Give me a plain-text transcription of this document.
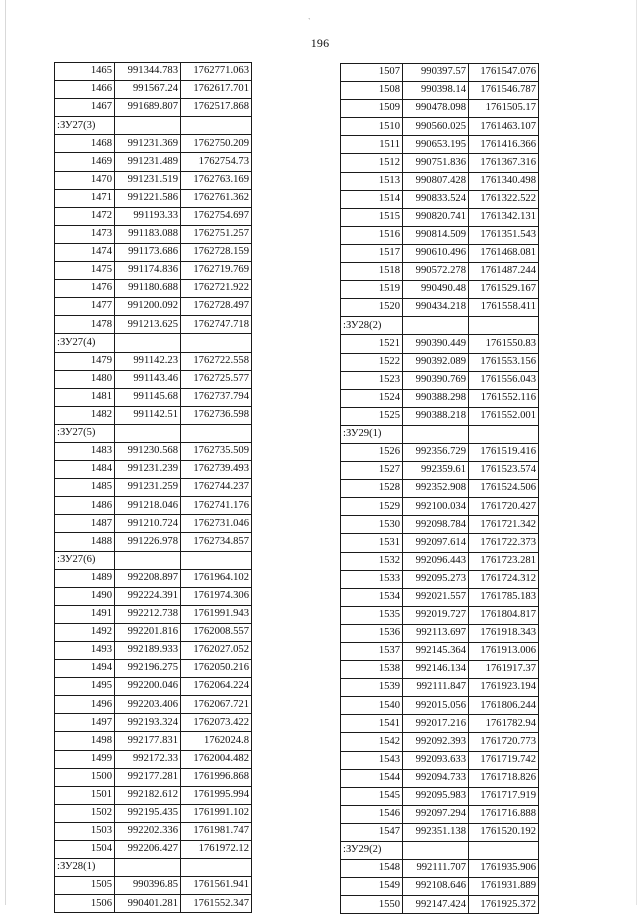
`
196
1465	991344.783	1762771.063
1466	991567.24	1762617.701
1467	991689.807	1762517.868
:ЗУ27(3)		
1468	991231.369	1762750.209
1469	991231.489	1762754.73
1470	991231.519	1762763.169
1471	991221.586	1762761.362
1472	991193.33	1762754.697
1473	991183.088	1762751.257
1474	991173.686	1762728.159
1475	991174.836	1762719.769
1476	991180.688	1762721.922
1477	991200.092	1762728.497
1478	991213.625	1762747.718
:ЗУ27(4)		
1479	991142.23	1762722.558
1480	991143.46	1762725.577
1481	991145.68	1762737.794
1482	991142.51	1762736.598
:ЗУ27(5)		
1483	991230.568	1762735.509
1484	991231.239	1762739.493
1485	991231.259	1762744.237
1486	991218.046	1762741.176
1487	991210.724	1762731.046
1488	991226.978	1762734.857
:ЗУ27(6)		
1489	992208.897	1761964.102
1490	992224.391	1761974.306
1491	992212.738	1761991.943
1492	992201.816	1762008.557
1493	992189.933	1762027.052
1494	992196.275	1762050.216
1495	992200.046	1762064.224
1496	992203.406	1762067.721
1497	992193.324	1762073.422
1498	992177.831	1762024.8
1499	992172.33	1762004.482
1500	992177.281	1761996.868
1501	992182.612	1761995.994
1502	992195.435	1761991.102
1503	992202.336	1761981.747
1504	992206.427	1761972.12
:ЗУ28(1)		
1505	990396.85	1761561.941
1506	990401.281	1761552.347
1507	990397.57	1761547.076
1508	990398.14	1761546.787
1509	990478.098	1761505.17
1510	990560.025	1761463.107
1511	990653.195	1761416.366
1512	990751.836	1761367.316
1513	990807.428	1761340.498
1514	990833.524	1761322.522
1515	990820.741	1761342.131
1516	990814.509	1761351.543
1517	990610.496	1761468.081
1518	990572.278	1761487.244
1519	990490.48	1761529.167
1520	990434.218	1761558.411
:ЗУ28(2)		
1521	990390.449	1761550.83
1522	990392.089	1761553.156
1523	990390.769	1761556.043
1524	990388.298	1761552.116
1525	990388.218	1761552.001
:ЗУ29(1)		
1526	992356.729	1761519.416
1527	992359.61	1761523.574
1528	992352.908	1761524.506
1529	992100.034	1761720.427
1530	992098.784	1761721.342
1531	992097.614	1761722.373
1532	992096.443	1761723.281
1533	992095.273	1761724.312
1534	992021.557	1761785.183
1535	992019.727	1761804.817
1536	992113.697	1761918.343
1537	992145.364	1761913.006
1538	992146.134	1761917.37
1539	992111.847	1761923.194
1540	992015.056	1761806.244
1541	992017.216	1761782.94
1542	992092.393	1761720.773
1543	992093.633	1761719.742
1544	992094.733	1761718.826
1545	992095.983	1761717.919
1546	992097.294	1761716.888
1547	992351.138	1761520.192
:ЗУ29(2)		
1548	992111.707	1761935.906
1549	992108.646	1761931.889
1550	992147.424	1761925.372
